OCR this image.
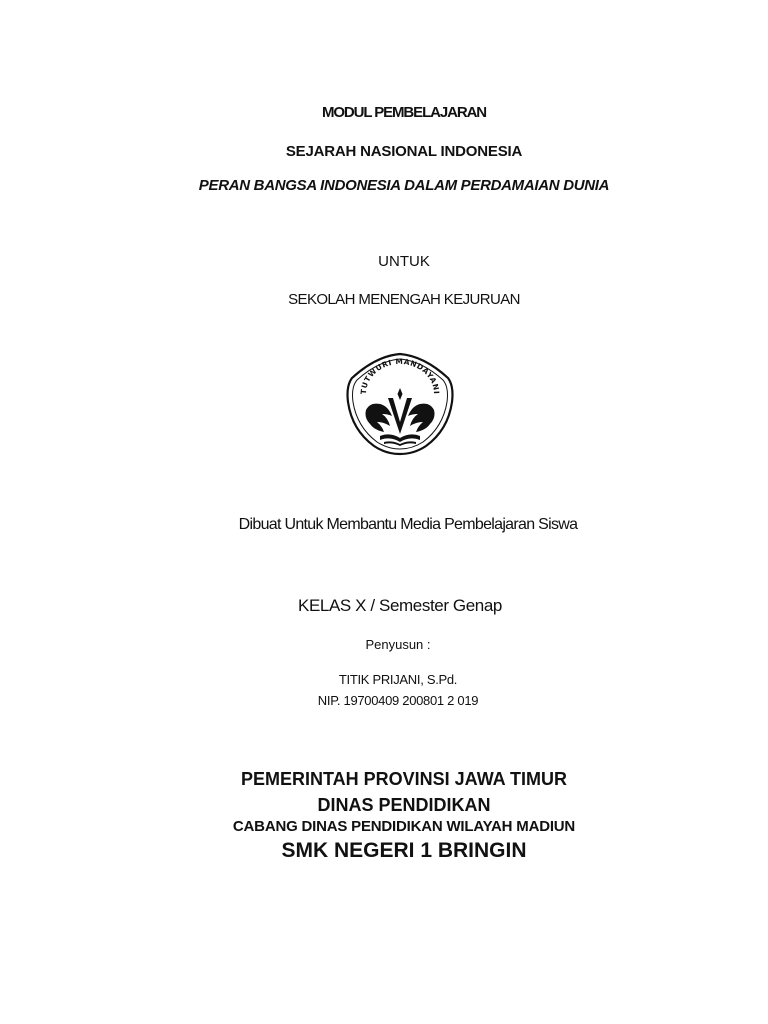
MODUL PEMBELAJARAN
SEJARAH NASIONAL INDONESIA
PERAN BANGSA INDONESIA DALAM PERDAMAIAN DUNIA
UNTUK
SEKOLAH MENENGAH KEJURUAN
TUTWURI MANDAYANI
Dibuat Untuk Membantu Media Pembelajaran Siswa
KELAS X / Semester Genap
Penyusun :
TITIK PRIJANI, S.Pd.
NIP. 19700409 200801 2 019
PEMERINTAH PROVINSI JAWA TIMUR
DINAS PENDIDIKAN
CABANG DINAS PENDIDIKAN WILAYAH MADIUN
SMK NEGERI 1 BRINGIN
